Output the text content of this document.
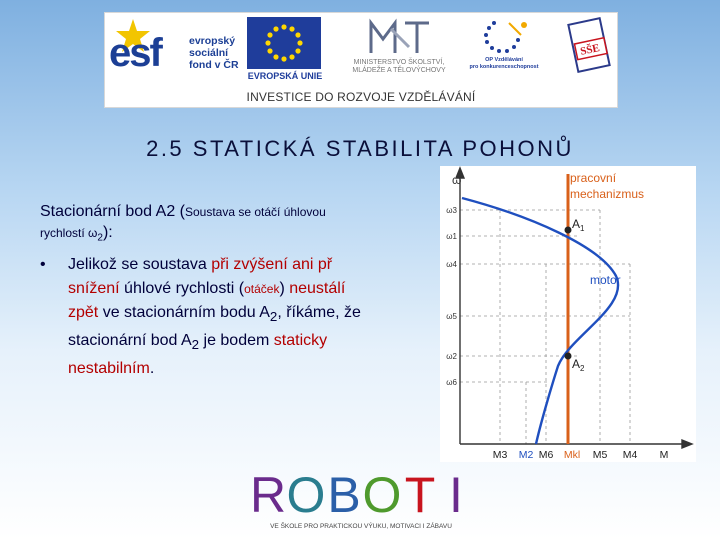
esf	evropský
sociální
fond v ČR
EVROPSKÁ UNIE
MINISTERSTVO ŠKOLSTVÍ,
MLÁDEŽE A TĚLOVÝCHOVY
OP Vzdělávání
pro konkurenceschopnost
SŠE
INVESTICE DO ROZVOJE VZDĚLÁVÁNÍ
2.5 STATICKÁ STABILITA POHONŮ
Stacionární bod A2 (Soustava se otáčí úhlovou
rychlostí $\omega_2$):
• Jelikož se soustava při zvýšení ani př
snížení úhlové rychlosti (otáček) neustálí
zpět ve stacionárním bodu $A_2$, říkáme, že
stacionární bod $A_2$ je bodem staticky
nestabilním.
ω
ω3
ω1
ω4
ω5
ω2
ω6
$A_1$
$A_2$
pracovní
mechanizmus
motor
M3 M2 M6 Mkl M5 M4 M
R O B O T I
VE ŠKOLE PRO PRAKTICKOU VÝUKU, MOTIVACI I ZÁBAVU
